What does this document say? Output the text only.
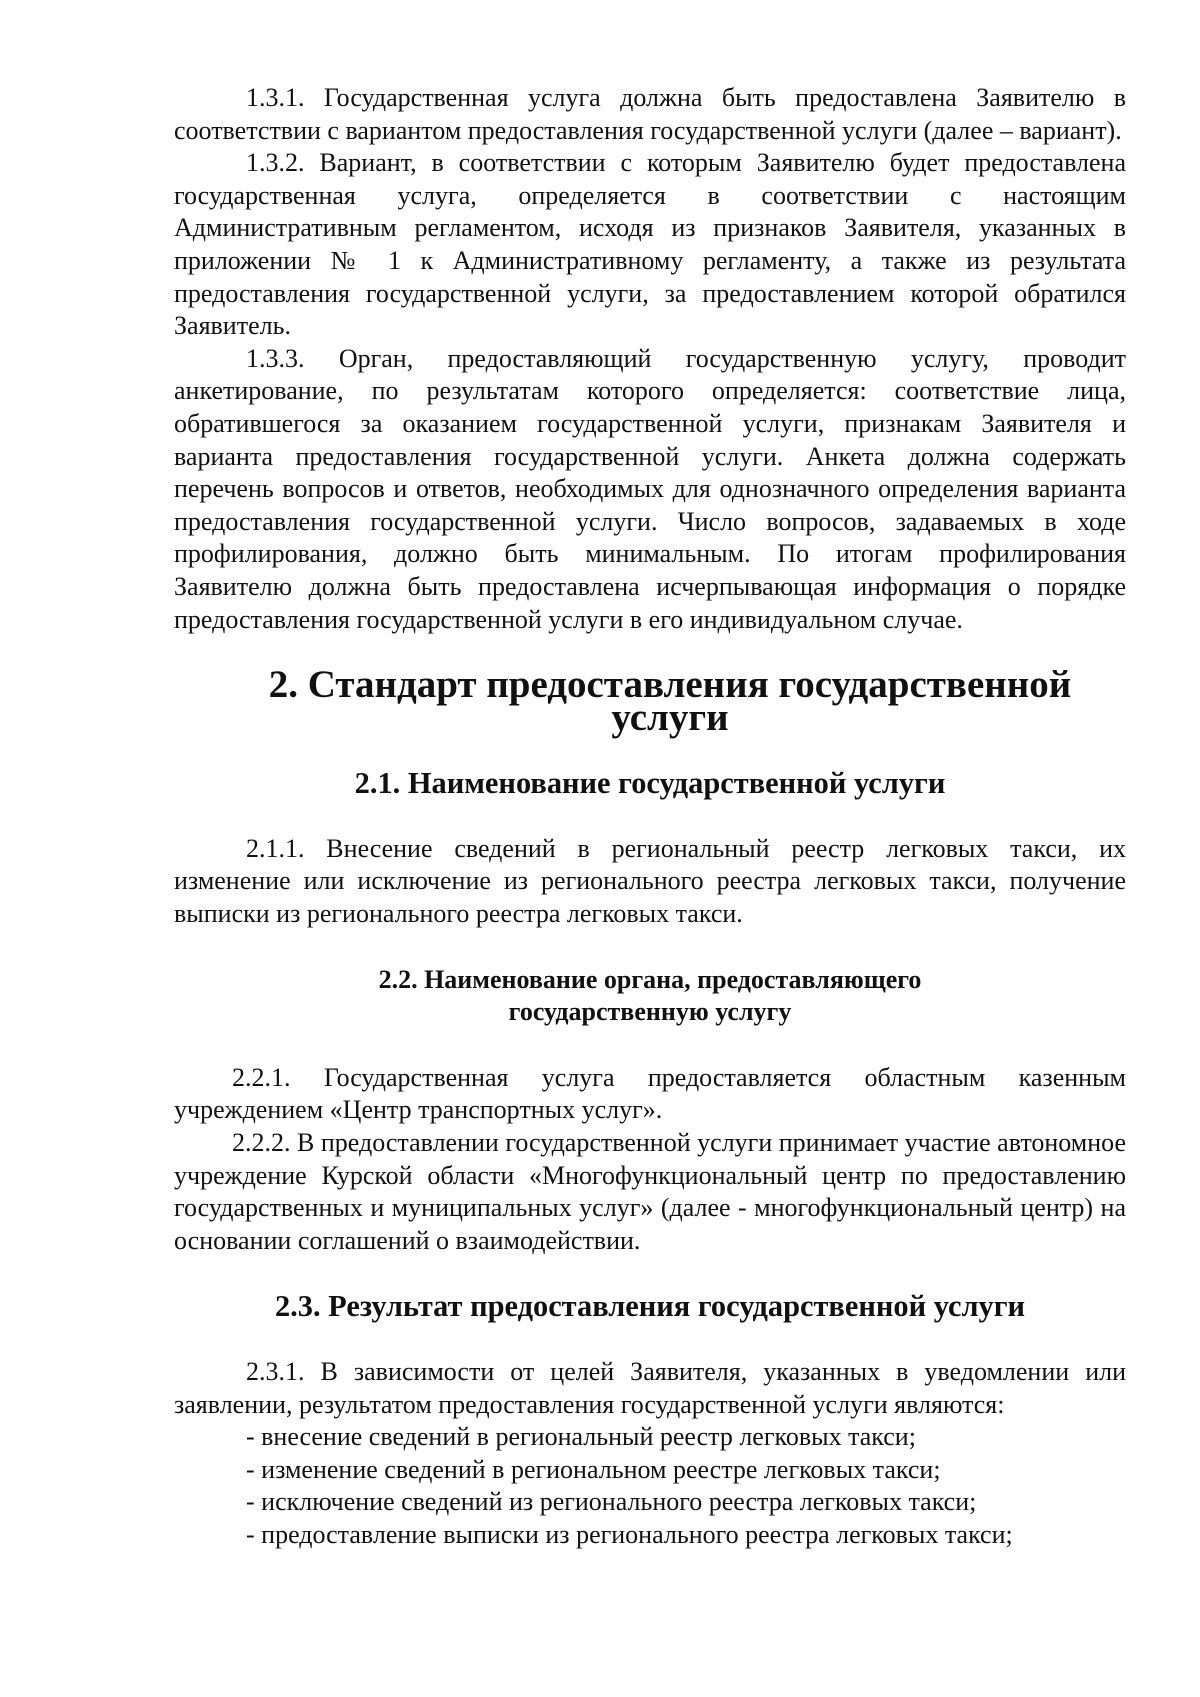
1.3.1. Государственная услуга должна быть предоставлена Заявителю в соответствии с вариантом предоставления государственной услуги (далее – вариант).

1.3.2. Вариант, в соответствии с которым Заявителю будет предоставлена государственная услуга, определяется в соответствии с настоящим Административным регламентом, исходя из признаков Заявителя, указанных в приложении № 1 к Административному регламенту, а также из результата предоставления государственной услуги, за предоставлением которой обратился Заявитель.

1.3.3. Орган, предоставляющий государственную услугу, проводит анкетирование, по результатам которого определяется: соответствие лица, обратившегося за оказанием государственной услуги, признакам Заявителя и варианта предоставления государственной услуги. Анкета должна содержать перечень вопросов и ответов, необходимых для однозначного определения варианта предоставления государственной услуги. Число вопросов, задаваемых в ходе профилирования, должно быть минимальным. По итогам профилирования Заявителю должна быть предоставлена исчерпывающая информация о порядке предоставления государственной услуги в его индивидуальном случае.

2. Стандарт предоставления государственной услуги
2.1. Наименование государственной услуги

2.1.1. Внесение сведений в региональный реестр легковых такси, их изменение или исключение из регионального реестра легковых такси, получение выписки из регионального реестра легковых такси.

2.2. Наименование органа, предоставляющего
государственную услугу

2.2.1. Государственная услуга предоставляется областным казенным учреждением «Центр транспортных услуг».

2.2.2. В предоставлении государственной услуги принимает участие автономное учреждение Курской области «Многофункциональный центр по предоставлению государственных и муниципальных услуг» (далее - многофункциональный центр) на основании соглашений о взаимодействии.

2.3. Результат предоставления государственной услуги

2.3.1. В зависимости от целей Заявителя, указанных в уведомлении или заявлении, результатом предоставления государственной услуги являются:

- внесение сведений в региональный реестр легковых такси;

- изменение сведений в региональном реестре легковых такси;

- исключение сведений из регионального реестра легковых такси;

- предоставление выписки из регионального реестра легковых такси;
